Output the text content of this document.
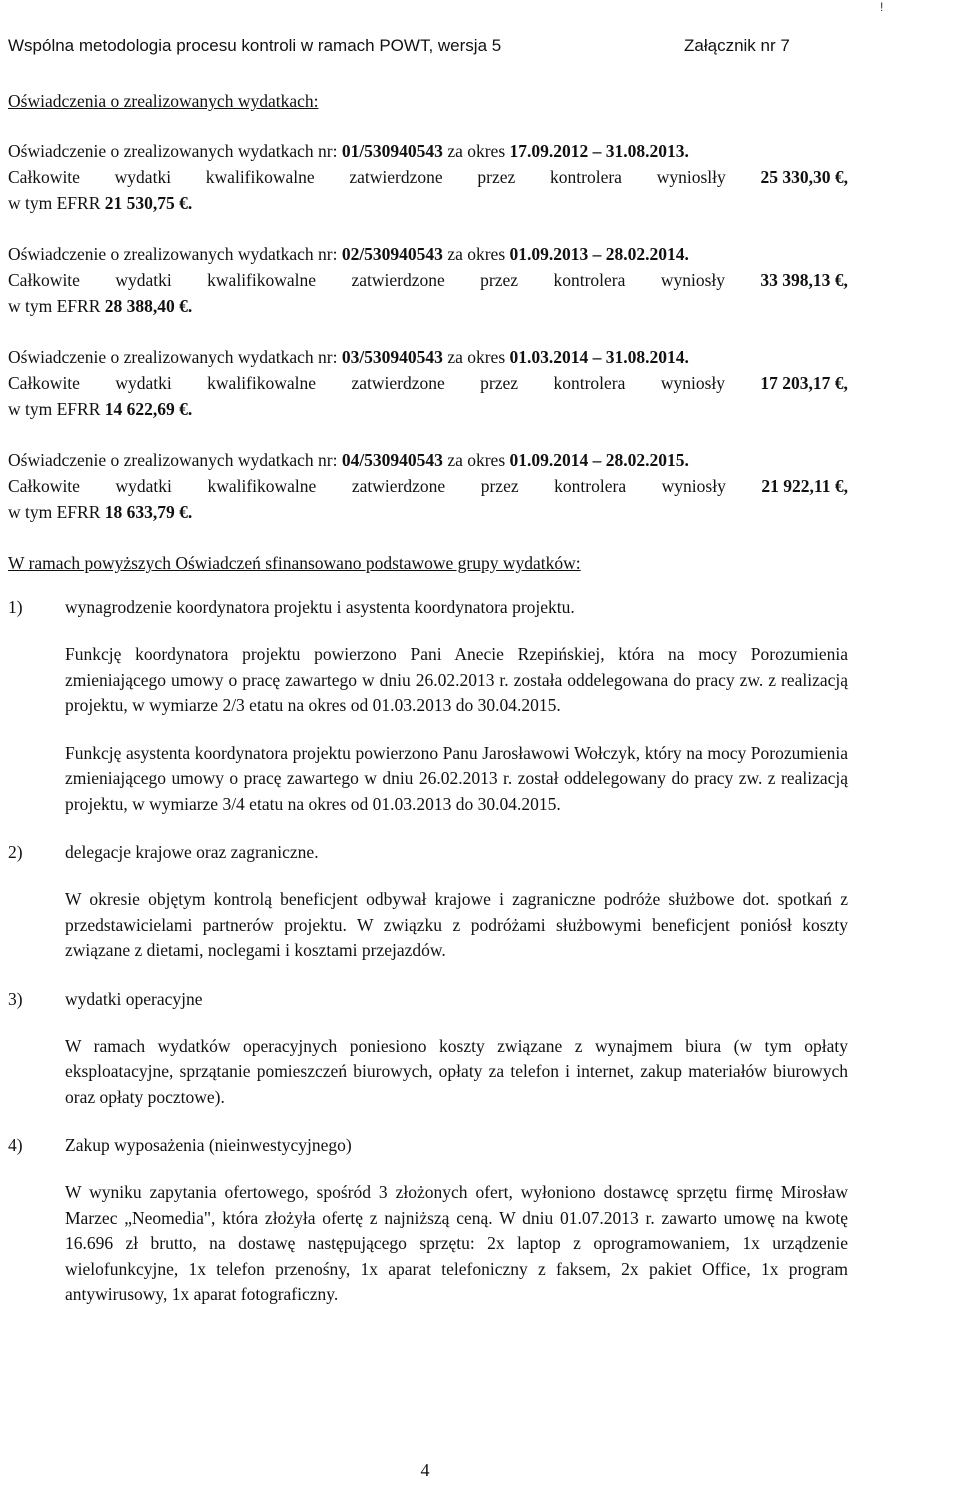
!
Wspólna metodologia procesu kontroli w ramach POWT, wersja 5	Załącznik nr 7
Oświadczenia o zrealizowanych wydatkach:
Oświadczenie o zrealizowanych wydatkach nr: 01/530940543 za okres 17.09.2012 – 31.08.2013.
Całkowite wydatki kwalifikowalne zatwierdzone przez kontrolera wynioslły 25 330,30 €,
w tym EFRR 21 530,75 €.
Oświadczenie o zrealizowanych wydatkach nr: 02/530940543 za okres 01.09.2013 – 28.02.2014.
Całkowite wydatki kwalifikowalne zatwierdzone przez kontrolera wyniosły 33 398,13 €,
w tym EFRR 28 388,40 €.
Oświadczenie o zrealizowanych wydatkach nr: 03/530940543 za okres 01.03.2014 – 31.08.2014.
Całkowite wydatki kwalifikowalne zatwierdzone przez kontrolera wyniosły 17 203,17 €,
w tym EFRR 14 622,69 €.
Oświadczenie o zrealizowanych wydatkach nr: 04/530940543 za okres 01.09.2014 – 28.02.2015.
Całkowite wydatki kwalifikowalne zatwierdzone przez kontrolera wyniosły 21 922,11 €,
w tym EFRR 18 633,79 €.
W ramach powyższych Oświadczeń sfinansowano podstawowe grupy wydatków:
1) wynagrodzenie koordynatora projektu i asystenta koordynatora projektu.
Funkcję koordynatora projektu powierzono Pani Anecie Rzepińskiej, która na mocy Porozumienia zmieniającego umowy o pracę zawartego w dniu 26.02.2013 r. została oddelegowana do pracy zw. z realizacją projektu, w wymiarze 2/3 etatu na okres od 01.03.2013 do 30.04.2015.
Funkcję asystenta koordynatora projektu powierzono Panu Jarosławowi Wołczyk, który na mocy Porozumienia zmieniającego umowy o pracę zawartego w dniu 26.02.2013 r. został oddelegowany do pracy zw. z realizacją projektu, w wymiarze 3/4 etatu na okres od 01.03.2013 do 30.04.2015.
2) delegacje krajowe oraz zagraniczne.
W okresie objętym kontrolą beneficjent odbywał krajowe i zagraniczne podróże służbowe dot. spotkań z przedstawicielami partnerów projektu. W związku z podróżami służbowymi beneficjent poniósł koszty związane z dietami, noclegami i kosztami przejazdów.
3) wydatki operacyjne
W ramach wydatków operacyjnych poniesiono koszty związane z wynajmem biura (w tym opłaty eksploatacyjne, sprzątanie pomieszczeń biurowych, opłaty za telefon i internet, zakup materiałów biurowych oraz opłaty pocztowe).
4) Zakup wyposażenia (nieinwestycyjnego)
W wyniku zapytania ofertowego, spośród 3 złożonych ofert, wyłoniono dostawcę sprzętu firmę Mirosław Marzec „Neomedia", która złożyła ofertę z najniższą ceną. W dniu 01.07.2013 r. zawarto umowę na kwotę 16.696 zł brutto, na dostawę następującego sprzętu: 2x laptop z oprogramowaniem, 1x urządzenie wielofunkcyjne, 1x telefon przenośny, 1x aparat telefoniczny z faksem, 2x pakiet Office, 1x program antywirusowy, 1x aparat fotograficzny.
4
